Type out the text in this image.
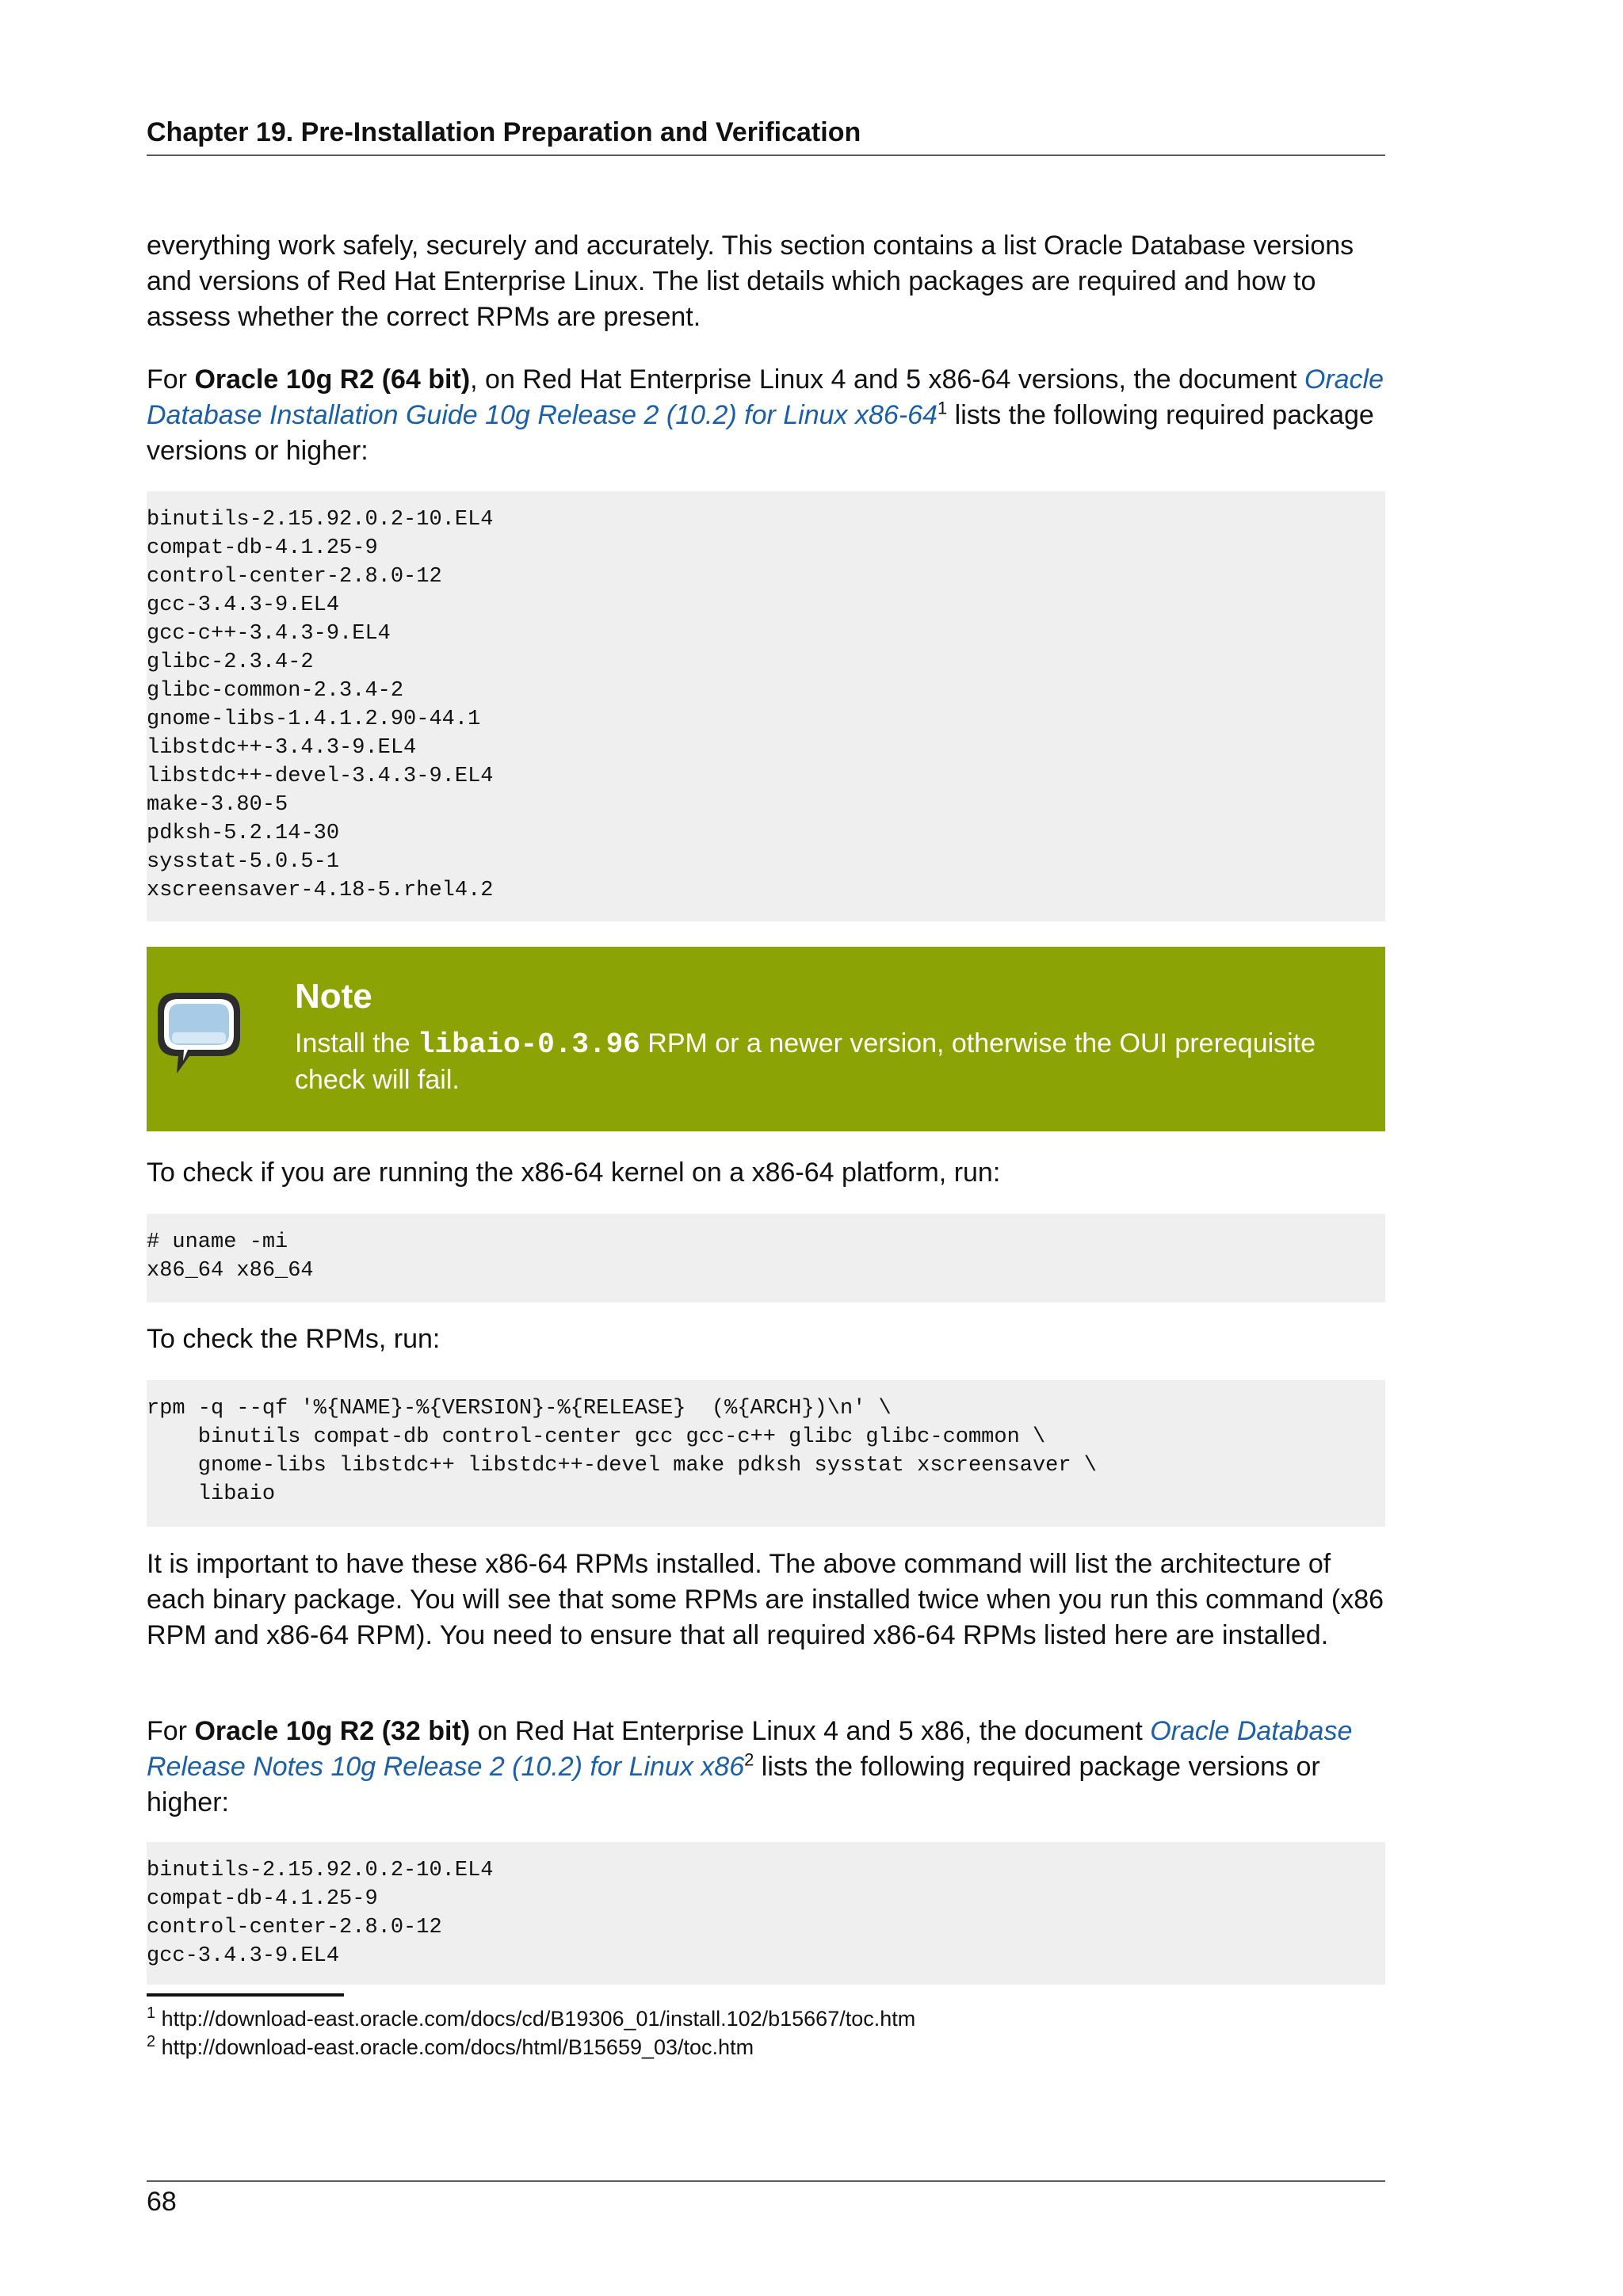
Chapter 19. Pre-Installation Preparation and Verification

everything work safely, securely and accurately. This section contains a list Oracle Database versions and versions of Red Hat Enterprise Linux. The list details which packages are required and how to assess whether the correct RPMs are present.

For Oracle 10g R2 (64 bit), on Red Hat Enterprise Linux 4 and 5 x86-64 versions, the document Oracle Database Installation Guide 10g Release 2 (10.2) for Linux $x86-64^1$ lists the following required package versions or higher:

binutils-2.15.92.0.2-10.EL4
compat-db-4.1.25-9
control-center-2.8.0-12
gcc-3.4.3-9.EL4
gcc-c++-3.4.3-9.EL4
glibc-2.3.4-2
glibc-common-2.3.4-2
gnome-libs-1.4.1.2.90-44.1
libstdc++-3.4.3-9.EL4
libstdc++-devel-3.4.3-9.EL4
make-3.80-5
pdksh-5.2.14-30
sysstat-5.0.5-1
xscreensaver-4.18-5.rhel4.2
Note
Install the libaio-0.3.96 RPM or a newer version, otherwise the OUI prerequisite check will fail.

To check if you are running the x86-64 kernel on a x86-64 platform, run:

# uname -mi
x86_64 x86_64

To check the RPMs, run:

rpm -q --qf '%{NAME}-%{VERSION}-%{RELEASE}  (%{ARCH})\n' \
binutils compat-db control-center gcc gcc-c++ glibc glibc-common \
gnome-libs libstdc++ libstdc++-devel make pdksh sysstat xscreensaver \
libaio

It is important to have these x86-64 RPMs installed. The above command will list the architecture of each binary package. You will see that some RPMs are installed twice when you run this command (x86 RPM and x86-64 RPM). You need to ensure that all required x86-64 RPMs listed here are installed.

For Oracle 10g R2 (32 bit) on Red Hat Enterprise Linux 4 and 5 x86, the document Oracle Database Release Notes 10g Release 2 (10.2) for Linux $x86^2$ lists the following required package versions or higher:

binutils-2.15.92.0.2-10.EL4
compat-db-4.1.25-9
control-center-2.8.0-12
gcc-3.4.3-9.EL4
$^1$ http://download-east.oracle.com/docs/cd/B19306_01/install.102/b15667/toc.htm
$^2$ http://download-east.oracle.com/docs/html/B15659_03/toc.htm
68
